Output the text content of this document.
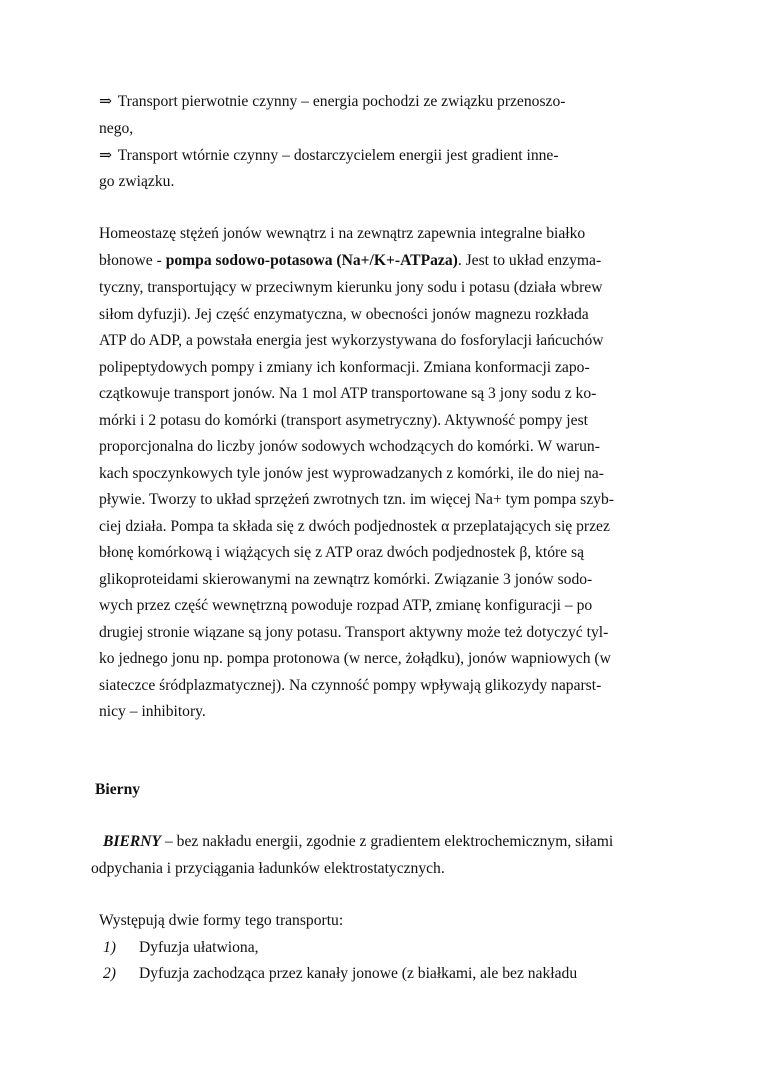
⇒ Transport pierwotnie czynny – energia pochodzi ze związku przenoszo-
nego,
⇒ Transport wtórnie czynny – dostarczycielem energii jest gradient inne-
go związku.
Homeostazę stężeń jonów wewnątrz i na zewnątrz zapewnia integralne białko
błonowe - pompa sodowo-potasowa (Na+/K+-ATPaza). Jest to układ enzyma-
tyczny, transportujący w przeciwnym kierunku jony sodu i potasu (działa wbrew
siłom dyfuzji). Jej część enzymatyczna, w obecności jonów magnezu rozkłada
ATP do ADP, a powstała energia jest wykorzystywana do fosforylacji łańcuchów
polipeptydowych pompy i zmiany ich konformacji. Zmiana konformacji zapo-
czątkowuje transport jonów. Na 1 mol ATP transportowane są 3 jony sodu z ko-
mórki i 2 potasu do komórki (transport asymetryczny). Aktywność pompy jest
proporcjonalna do liczby jonów sodowych wchodzących do komórki. W warun-
kach spoczynkowych tyle jonów jest wyprowadzanych z komórki, ile do niej na-
pływie. Tworzy to układ sprzężeń zwrotnych tzn. im więcej Na+ tym pompa szyb-
ciej działa. Pompa ta składa się z dwóch podjednostek α przeplatających się przez
błonę komórkową i wiążących się z ATP oraz dwóch podjednostek β, które są
glikoproteidami skierowanymi na zewnątrz komórki. Związanie 3 jonów sodo-
wych przez część wewnętrzną powoduje rozpad ATP, zmianę konfiguracji – po
drugiej stronie wiązane są jony potasu. Transport aktywny może też dotyczyć tyl-
ko jednego jonu np. pompa protonowa (w nerce, żołądku), jonów wapniowych (w
siateczce śródplazmatycznej). Na czynność pompy wpływają glikozydy naparst-
nicy – inhibitory.
Bierny
BIERNY – bez nakładu energii, zgodnie z gradientem elektrochemicznym, siłami
odpychania i przyciągania ładunków elektrostatycznych.
Występują dwie formy tego transportu:
1) Dyfuzja ułatwiona,
2) Dyfuzja zachodząca przez kanały jonowe (z białkami, ale bez nakładu
